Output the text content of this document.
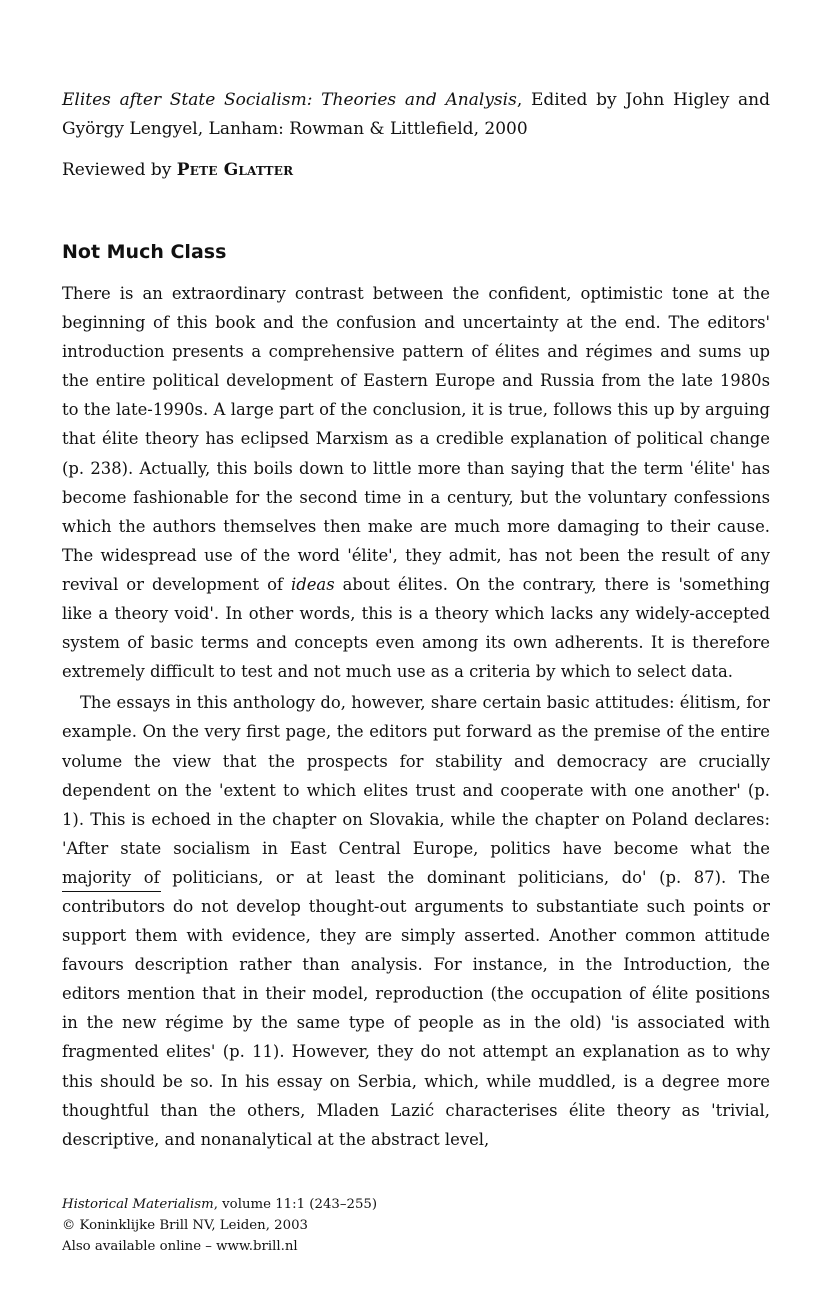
Elites after State Socialism: Theories and Analysis, Edited by John Higley and György Lengyel, Lanham: Rowman & Littlefield, 2000

Reviewed by Pete Glatter

Not Much Class

There is an extraordinary contrast between the confident, optimistic tone at the beginning of this book and the confusion and uncertainty at the end. The editors' introduction presents a comprehensive pattern of élites and régimes and sums up the entire political development of Eastern Europe and Russia from the late 1980s to the late-1990s. A large part of the conclusion, it is true, follows this up by arguing that élite theory has eclipsed Marxism as a credible explanation of political change (p. 238). Actually, this boils down to little more than saying that the term 'élite' has become fashionable for the second time in a century, but the voluntary confessions which the authors themselves then make are much more damaging to their cause. The widespread use of the word 'élite', they admit, has not been the result of any revival or development of ideas about élites. On the contrary, there is 'something like a theory void'. In other words, this is a theory which lacks any widely-accepted system of basic terms and concepts even among its own adherents. It is therefore extremely difficult to test and not much use as a criteria by which to select data.

The essays in this anthology do, however, share certain basic attitudes: élitism, for example. On the very first page, the editors put forward as the premise of the entire volume the view that the prospects for stability and democracy are crucially dependent on the 'extent to which elites trust and cooperate with one another' (p. 1). This is echoed in the chapter on Slovakia, while the chapter on Poland declares: 'After state socialism in East Central Europe, politics have become what the majority of politicians, or at least the dominant politicians, do' (p. 87). The contributors do not develop thought-out arguments to substantiate such points or support them with evidence, they are simply asserted. Another common attitude favours description rather than analysis. For instance, in the Introduction, the editors mention that in their model, reproduction (the occupation of élite positions in the new régime by the same type of people as in the old) 'is associated with fragmented elites' (p. 11). However, they do not attempt an explanation as to why this should be so. In his essay on Serbia, which, while muddled, is a degree more thoughtful than the others, Mladen Lazić characterises élite theory as 'trivial, descriptive, and nonanalytical at the abstract level,

Historical Materialism, volume 11:1 (243–255)
© Koninklijke Brill NV, Leiden, 2003
Also available online – www.brill.nl
